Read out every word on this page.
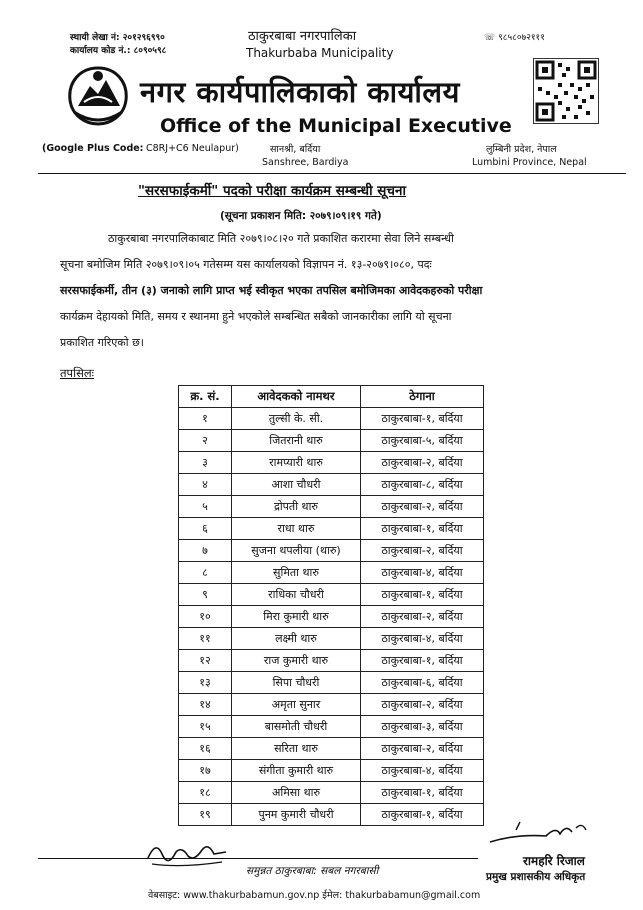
स्थायी लेखा नं: २०१२९६९९०
कार्यालय कोड नं.: ८०९०५९८
☏ ९८५८०७२१११
ठाकुरबाबा नगरपालिका
Thakurbaba Municipality
नगर कार्यपालिकाको कार्यालय
Office of the Municipal Executive
(Google Plus Code: C8RJ+C6 Neulapur)	सानश्री, बर्दिया
Sanshree, Bardiya
लुम्बिनी प्रदेश, नेपाल
Lumbini Province, Nepal
"सरसफाईकर्मी" पदको परीक्षा कार्यक्रम सम्बन्धी सूचना
(सूचना प्रकाशन मिति: २०७९।०९।१९ गते)
ठाकुरबाबा नगरपालिकाबाट मिति २०७९।०८।२० गते प्रकाशित करारमा सेवा लिने सम्बन्धी
सूचना बमोजिम मिति २०७९।०९।०५ गतेसम्म यस कार्यालयको विज्ञापन नं. १३-२०७९।०८०, पदः
सरसफाईकर्मी, तीन (३) जनाको लागि प्राप्त भई स्वीकृत भएका तपसिल बमोजिमका आवेदकहरुको परीक्षा
कार्यक्रम देहायको मिति, समय र स्थानमा हुने भएकोले सम्बन्धित सबैको जानकारीका लागि यो सूचना
प्रकाशित गरिएको छ।
तपसिलः
क्र. सं.	आवेदकको नामथर	ठेगाना
१	तुल्सी के. सी.	ठाकुरबाबा-१, बर्दिया
२	जितरानी थारु	ठाकुरबाबा-५, बर्दिया
३	रामप्यारी थारु	ठाकुरबाबा-२, बर्दिया
४	आशा चौधरी	ठाकुरबाबा-८, बर्दिया
५	द्रोपती थारु	ठाकुरबाबा-२, बर्दिया
६	राधा थारु	ठाकुरबाबा-१, बर्दिया
७	सुजना थपलीया (थारु)	ठाकुरबाबा-२, बर्दिया
८	सुमिता थारु	ठाकुरबाबा-४, बर्दिया
९	राधिका चौधरी	ठाकुरबाबा-१, बर्दिया
१०	मिरा कुमारी थारु	ठाकुरबाबा-२, बर्दिया
११	लक्ष्मी थारु	ठाकुरबाबा-४, बर्दिया
१२	राज कुमारी थारु	ठाकुरबाबा-१, बर्दिया
१३	सिपा चौधरी	ठाकुरबाबा-६, बर्दिया
१४	अमृता सुनार	ठाकुरबाबा-२, बर्दिया
१५	बासमोती चौधरी	ठाकुरबाबा-३, बर्दिया
१६	सरिता थारु	ठाकुरबाबा-२, बर्दिया
१७	संगीता कुमारी थारु	ठाकुरबाबा-४, बर्दिया
१८	अमिसा थारु	ठाकुरबाबा-१, बर्दिया
१९	पुनम कुमारी चौधरी	ठाकुरबाबा-१, बर्दिया
रामहरि रिजाल
प्रमुख प्रशासकीय अधिकृत
समुन्नत ठाकुरबाबा: सबल नगरबासी
वेबसाइट: www.thakurbabamun.gov.np ईमेल: thakurbabamun@gmail.com
